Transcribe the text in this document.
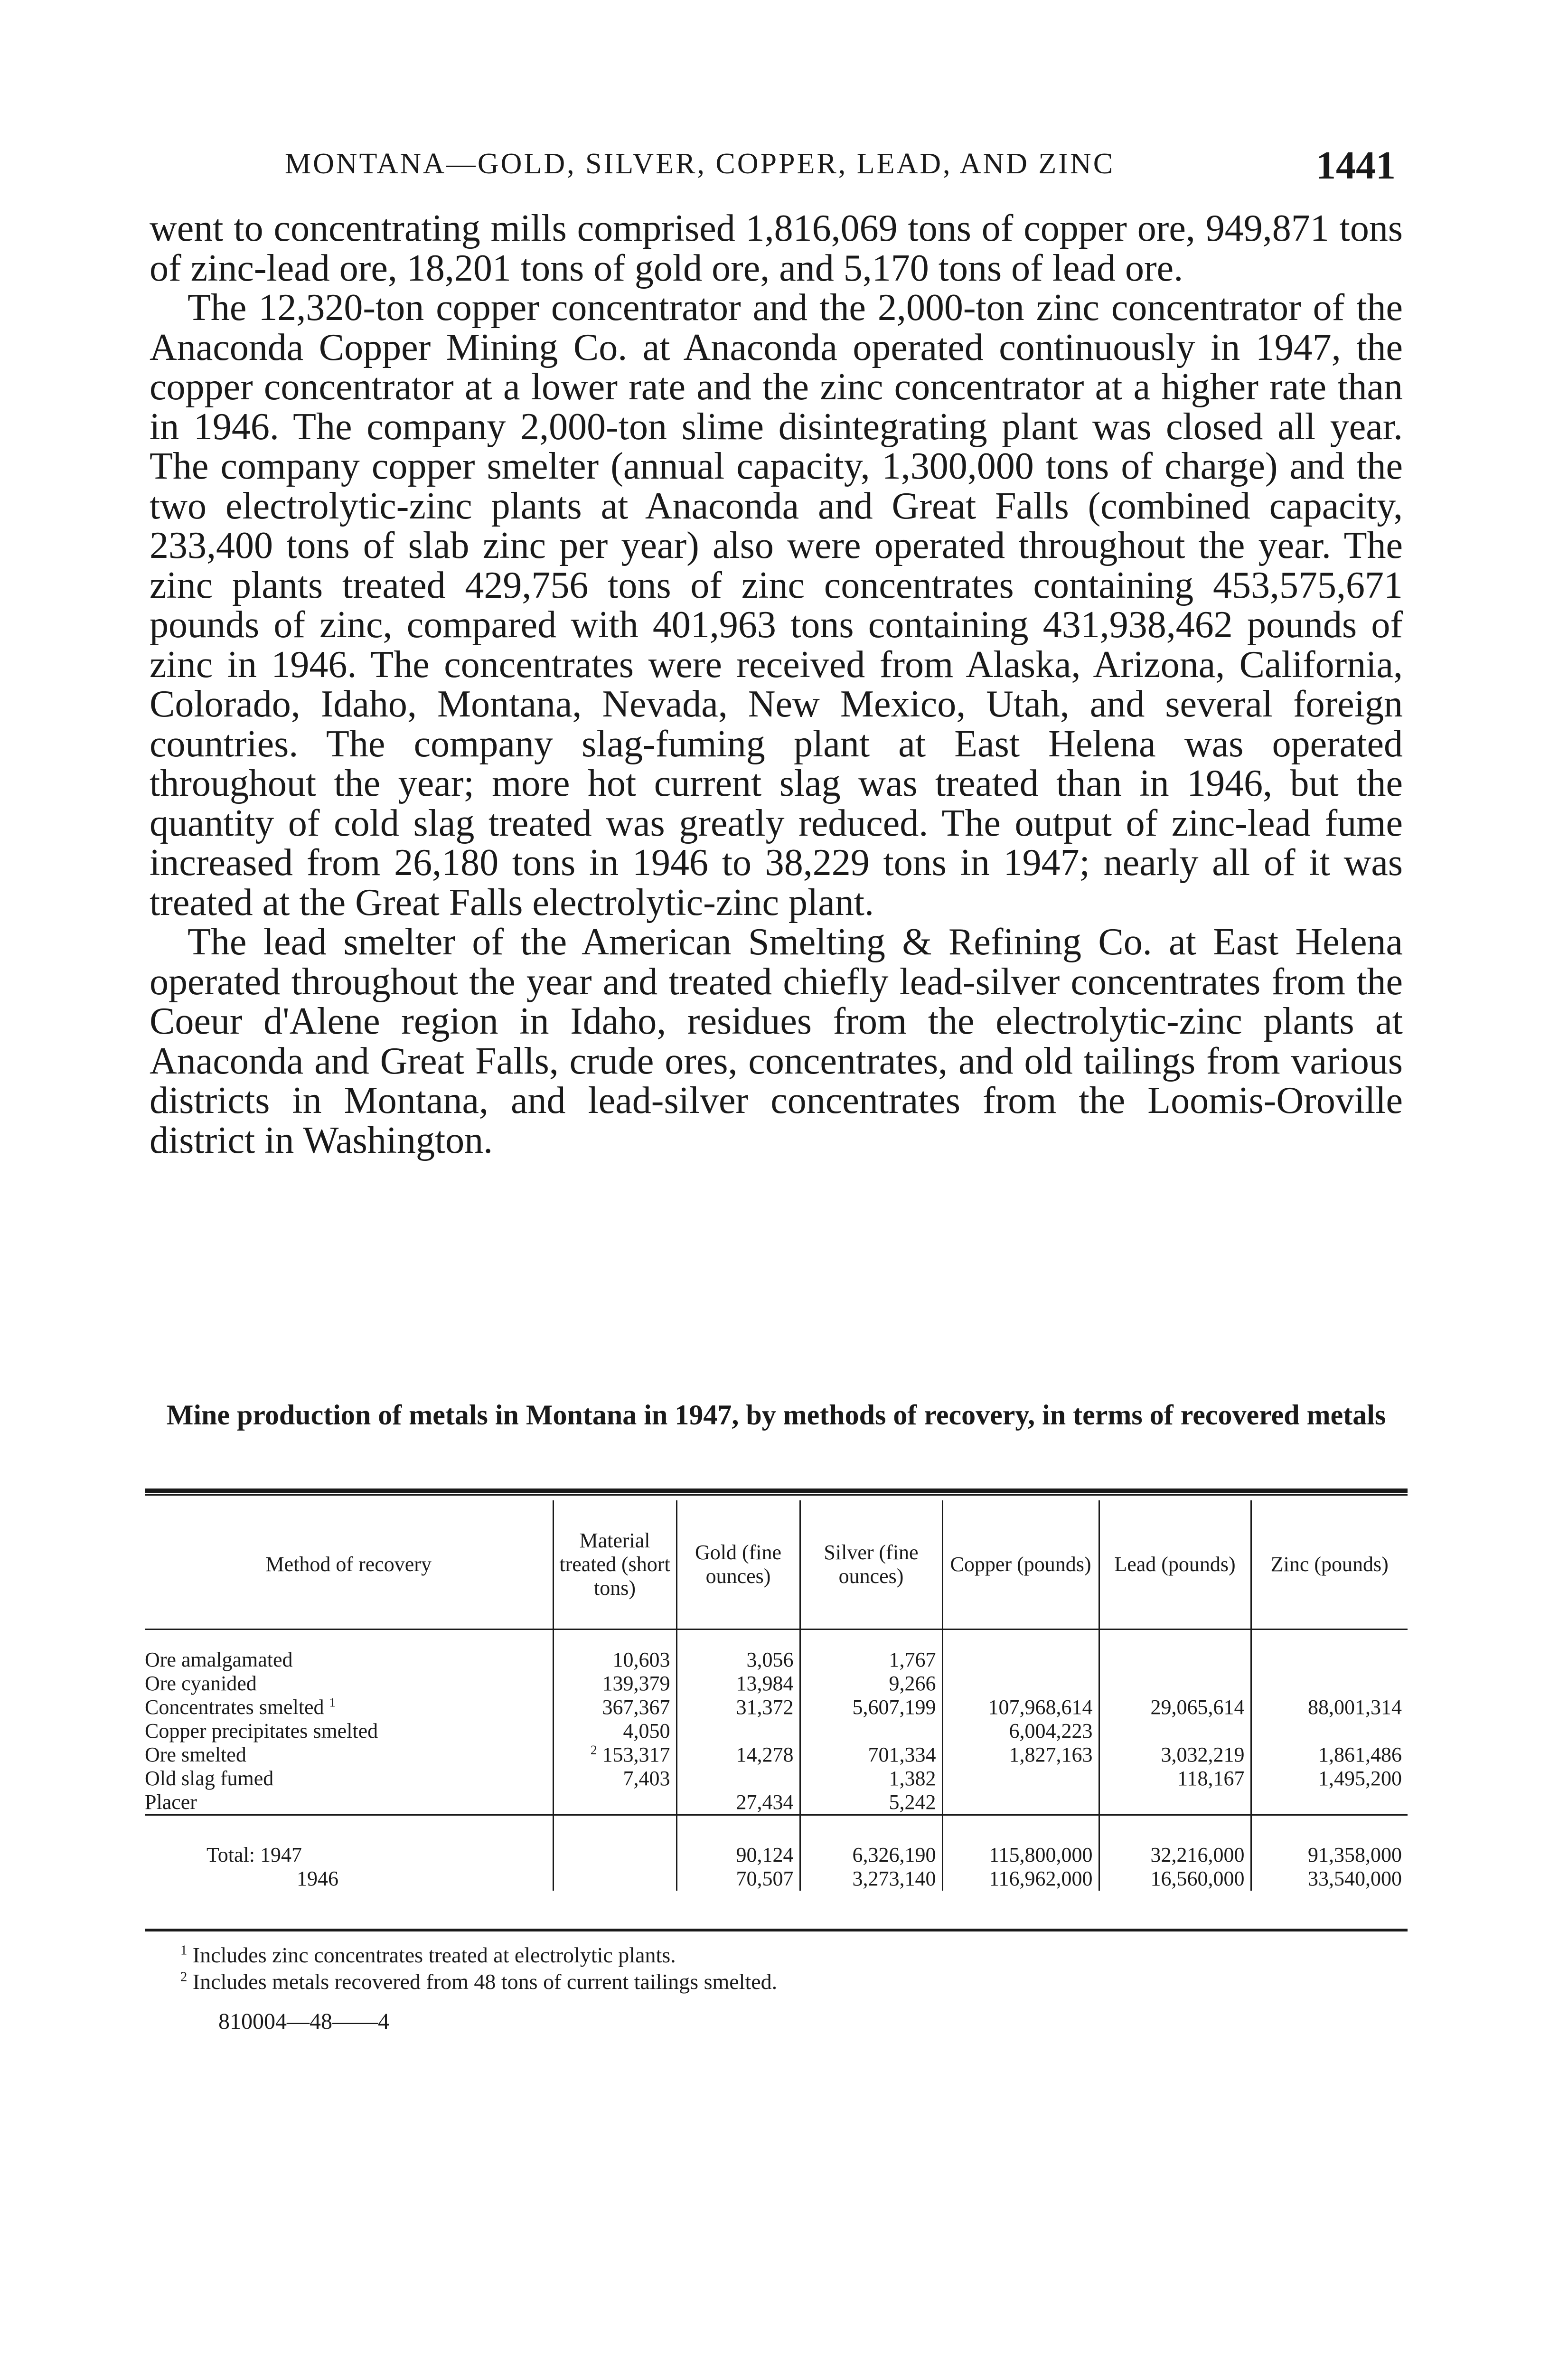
MONTANA—GOLD, SILVER, COPPER, LEAD, AND ZINC	1441

went to concentrating mills comprised 1,816,069 tons of copper ore, 949,871 tons of zinc-lead ore, 18,201 tons of gold ore, and 5,170 tons of lead ore.

The 12,320-ton copper concentrator and the 2,000-ton zinc concentrator of the Anaconda Copper Mining Co. at Anaconda operated continuously in 1947, the copper concentrator at a lower rate and the zinc concentrator at a higher rate than in 1946. The company 2,000-ton slime disintegrating plant was closed all year. The company copper smelter (annual capacity, 1,300,000 tons of charge) and the two electrolytic-zinc plants at Anaconda and Great Falls (combined capacity, 233,400 tons of slab zinc per year) also were operated throughout the year. The zinc plants treated 429,756 tons of zinc concentrates containing 453,575,671 pounds of zinc, compared with 401,963 tons containing 431,938,462 pounds of zinc in 1946. The concentrates were received from Alaska, Arizona, California, Colorado, Idaho, Montana, Nevada, New Mexico, Utah, and several foreign countries. The company slag-fuming plant at East Helena was operated throughout the year; more hot current slag was treated than in 1946, but the quantity of cold slag treated was greatly reduced. The output of zinc-lead fume increased from 26,180 tons in 1946 to 38,229 tons in 1947; nearly all of it was treated at the Great Falls electrolytic-zinc plant.

The lead smelter of the American Smelting & Refining Co. at East Helena operated throughout the year and treated chiefly lead-silver concentrates from the Coeur d'Alene region in Idaho, residues from the electrolytic-zinc plants at Anaconda and Great Falls, crude ores, concentrates, and old tailings from various districts in Montana, and lead-silver concentrates from the Loomis-Oroville district in Washington.

Mine production of metals in Montana in 1947, by methods of recovery, in terms of recovered metals
Method of recovery	Material treated (short tons)	Gold (fine ounces)	Silver (fine ounces)	Copper (pounds)	Lead (pounds)	Zinc (pounds)

Ore amalgamated	10,603	3,056	1,767			
Ore cyanided	139,379	13,984	9,266			
Concentrates smelted $^1$	367,367	31,372	5,607,199	107,968,614	29,065,614	88,001,314
Copper precipitates smelted	4,050			6,004,223		
Ore smelted	$^2$ 153,317	14,278	701,334	1,827,163	3,032,219	1,861,486
Old slag fumed	7,403		1,382		118,167	1,495,200
Placer		27,434	5,242			

Total: 1947		90,124	6,326,190	115,800,000	32,216,000	91,358,000
1946		70,507	3,273,140	116,962,000	16,560,000	33,540,000

$^1$ Includes zinc concentrates treated at electrolytic plants.

$^2$ Includes metals recovered from 48 tons of current tailings smelted.

810004—48——4
